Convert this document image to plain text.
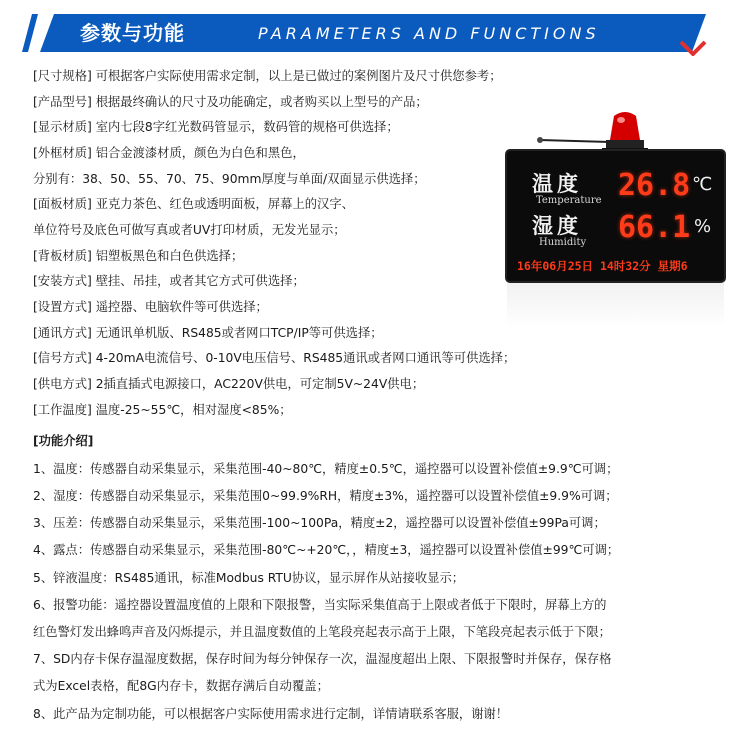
参数与功能	PARAMETERS AND FUNCTIONS
[尺寸规格] 可根据客户实际使用需求定制，以上是已做过的案例图片及尺寸供您参考；
[产品型号] 根据最终确认的尺寸及功能确定，或者购买以上型号的产品；
[显示材质] 室内七段8字红光数码管显示，数码管的规格可供选择；
[外框材质] 铝合金渡漆材质，颜色为白色和黑色，
分别有：38、50、55、70、75、90mm厚度与单面/双面显示供选择；
[面板材质] 亚克力茶色、红色或透明面板，屏幕上的汉字、
单位符号及底色可做写真或者UV打印材质，无发光显示；
[背板材质] 铝塑板黑色和白色供选择；
[安装方式] 壁挂、吊挂，或者其它方式可供选择；
[设置方式] 遥控器、电脑软件等可供选择；
[通讯方式] 无通讯单机版、RS485或者网口TCP/IP等可供选择；
[信号方式] 4-20mA电流信号、0-10V电压信号、RS485通讯或者网口通讯等可供选择；
[供电方式] 2插直插式电源接口，AC220V供电，可定制5V~24V供电；
[工作温度] 温度-25~55℃，相对湿度<85%；
[功能介绍]
1、温度：传感器自动采集显示，采集范围-40~80℃，精度±0.5℃，遥控器可以设置补偿值±9.9℃可调；
2、湿度：传感器自动采集显示，采集范围0~99.9%RH，精度±3%，遥控器可以设置补偿值±9.9%可调；
3、压差：传感器自动采集显示，采集范围-100~100Pa，精度±2，遥控器可以设置补偿值±99Pa可调；
4、露点：传感器自动采集显示，采集范围-80℃~+20℃，，精度±3，遥控器可以设置补偿值±99℃可调；
5、锌液温度：RS485通讯，标准Modbus RTU协议，显示屏作从站接收显示；
6、报警功能：遥控器设置温度值的上限和下限报警，当实际采集值高于上限或者低于下限时，屏幕上方的
红色警灯发出蜂鸣声音及闪烁提示，并且温度数值的上笔段亮起表示高于上限，下笔段亮起表示低于下限；
7、SD内存卡保存温湿度数据，保存时间为每分钟保存一次，温湿度超出上限、下限报警时并保存，保存格
式为Excel表格，配8G内存卡，数据存满后自动覆盖；
8、此产品为定制功能，可以根据客户实际使用需求进行定制，详情请联系客服，谢谢！
温度
Temperature 26.8 ℃
湿度
Humidity 66.1 %
16年06月25日 14时32分 星期6
